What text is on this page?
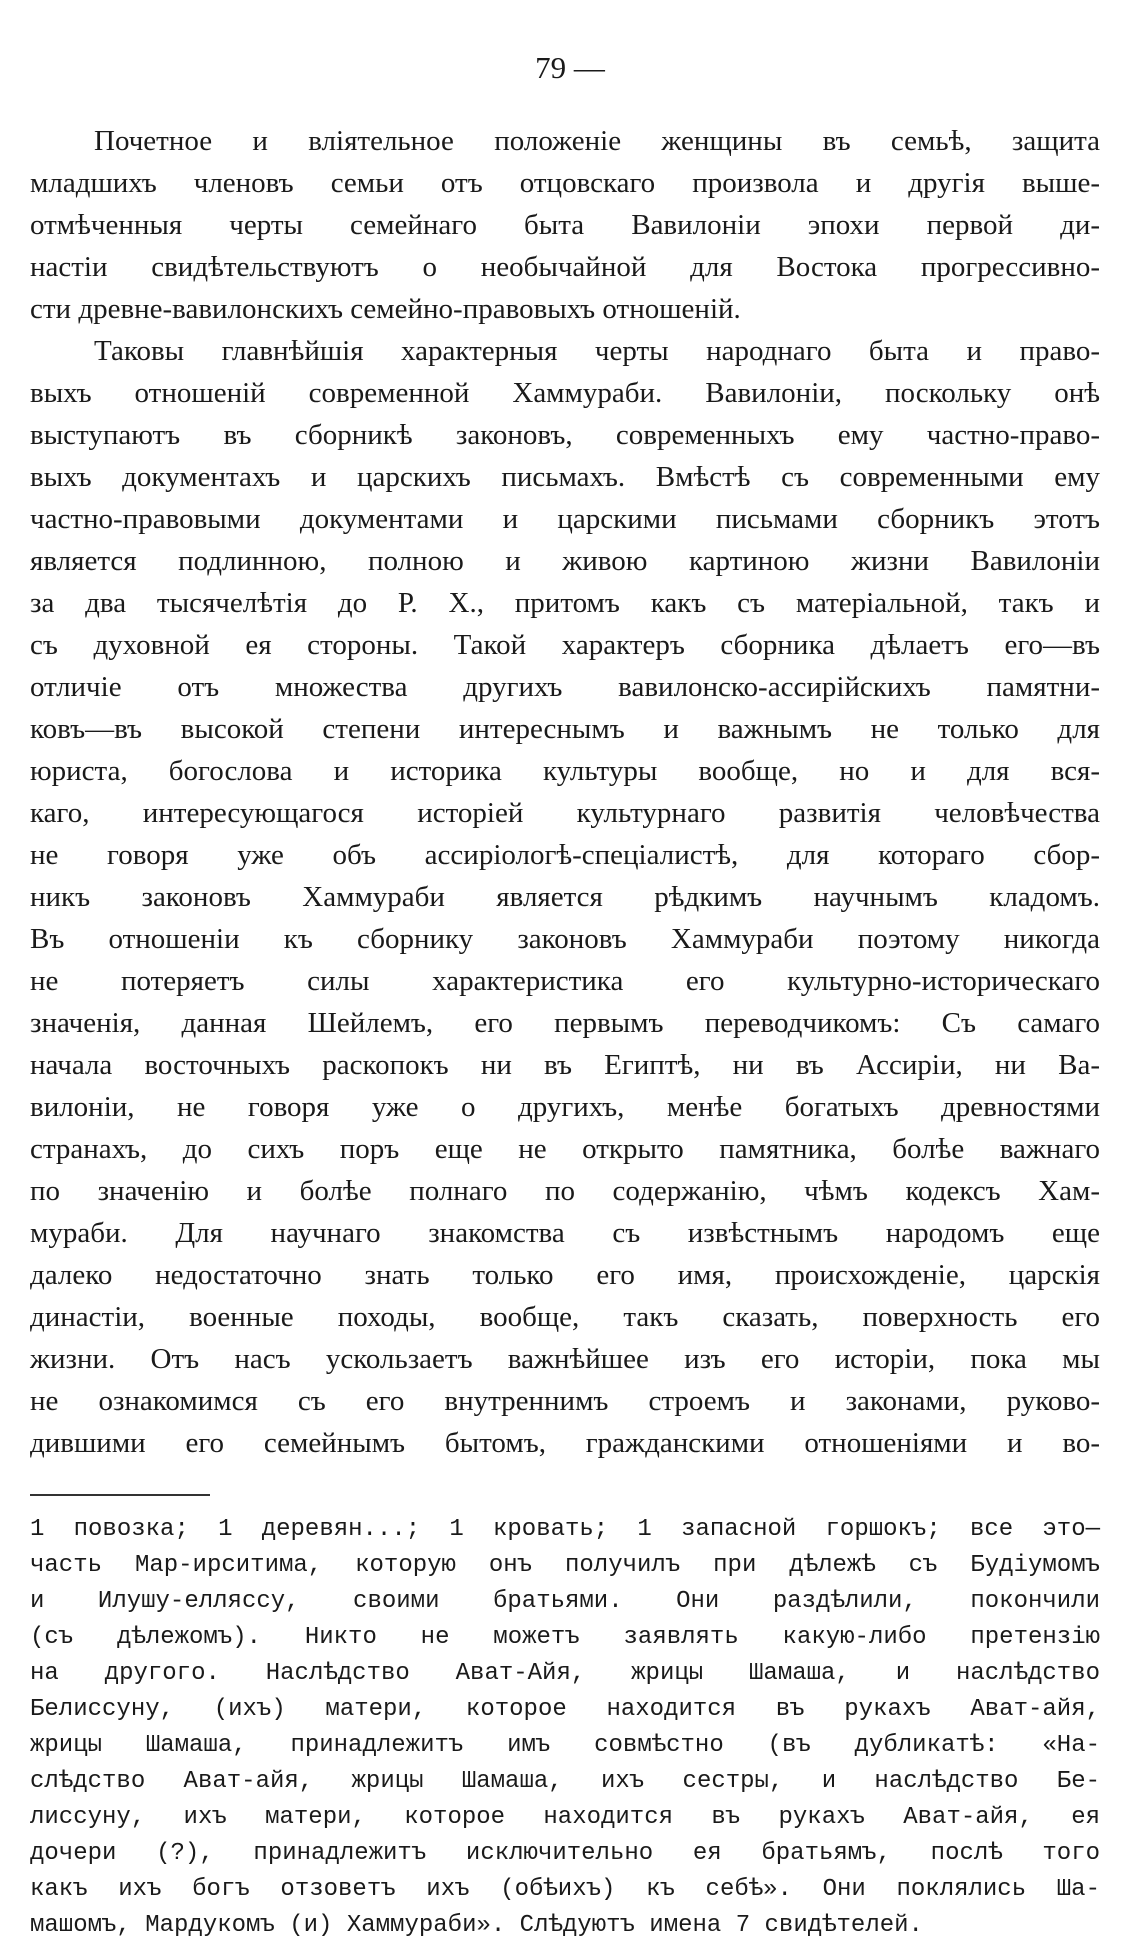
79 —
Почетное и вліятельное положеніе женщины въ семьѣ, защита
младшихъ членовъ семьи отъ отцовскаго произвола и другія выше-
отмѣченныя черты семейнаго быта Вавилоніи эпохи первой ди-
настіи свидѣтельствуютъ о необычайной для Востока прогрессивно-
сти древне-вавилонскихъ семейно-правовыхъ отношеній.
Таковы главнѣйшія характерныя черты народнаго быта и право-
выхъ отношеній современной Хаммураби. Вавилоніи, поскольку онѣ
выступаютъ въ сборникѣ законовъ, современныхъ ему частно-право-
выхъ документахъ и царскихъ письмахъ. Вмѣстѣ съ современными ему
частно-правовыми документами и царскими письмами сборникъ этотъ
является подлинною, полною и живою картиною жизни Вавилоніи
за два тысячелѣтія до Р. Х., притомъ какъ съ матеріальной, такъ и
съ духовной ея стороны. Такой характеръ сборника дѣлаетъ его—въ
отличіе отъ множества другихъ вавилонско-ассирійскихъ памятни-
ковъ—въ высокой степени интереснымъ и важнымъ не только для
юриста, богослова и историка культуры вообще, но и для вся-
каго, интересующагося исторіей культурнаго развитія человѣчества
не говоря уже объ ассиріологѣ-спеціалистѣ, для котораго сбор-
никъ законовъ Хаммураби является рѣдкимъ научнымъ кладомъ.
Въ отношеніи къ сборнику законовъ Хаммураби поэтому никогда
не потеряетъ силы характеристика его культурно-историческаго
значенія, данная Шейлемъ, его первымъ переводчикомъ: Съ самаго
начала восточныхъ раскопокъ ни въ Египтѣ, ни въ Ассиріи, ни Ва-
вилоніи, не говоря уже о другихъ, менѣе богатыхъ древностями
странахъ, до сихъ поръ еще не открыто памятника, болѣе важнаго
по значенію и болѣе полнаго по содержанію, чѣмъ кодексъ Хам-
мураби. Для научнаго знакомства съ извѣстнымъ народомъ еще
далеко недостаточно знать только его имя, происхожденіе, царскія
династіи, военные походы, вообще, такъ сказать, поверхность его
жизни. Отъ насъ ускользаетъ важнѣйшее изъ его исторіи, пока мы
не ознакомимся съ его внутреннимъ строемъ и законами, руково-
дившими его семейнымъ бытомъ, гражданскими отношеніями и во-
1 повозка; 1 деревян...; 1 кровать; 1 запасной горшокъ; все это—
часть Мар-ирситима, которую онъ получилъ при дѣлежѣ съ Будіумомъ
и Илушу-елляссу, своими братьями. Они раздѣлили, покончили
(съ дѣлежомъ). Никто не можетъ заявлять какую-либо претензію
на другого. Наслѣдство Ават-Айя, жрицы Шамаша, и наслѣдство
Белиссуну, (ихъ) матери, которое находится въ рукахъ Ават-айя,
жрицы Шамаша, принадлежитъ имъ совмѣстно (въ дубликатѣ: «На-
слѣдство Ават-айя, жрицы Шамаша, ихъ сестры, и наслѣдство Бе-
лиссуну, ихъ матери, которое находится въ рукахъ Ават-айя, ея
дочери (?), принадлежитъ исключительно ея братьямъ, послѣ того
какъ ихъ богъ отзоветъ ихъ (обѣихъ) къ себѣ». Они поклялись Ша-
машомъ, Мардукомъ (и) Хаммураби». Слѣдуютъ имена 7 свидѣтелей.
